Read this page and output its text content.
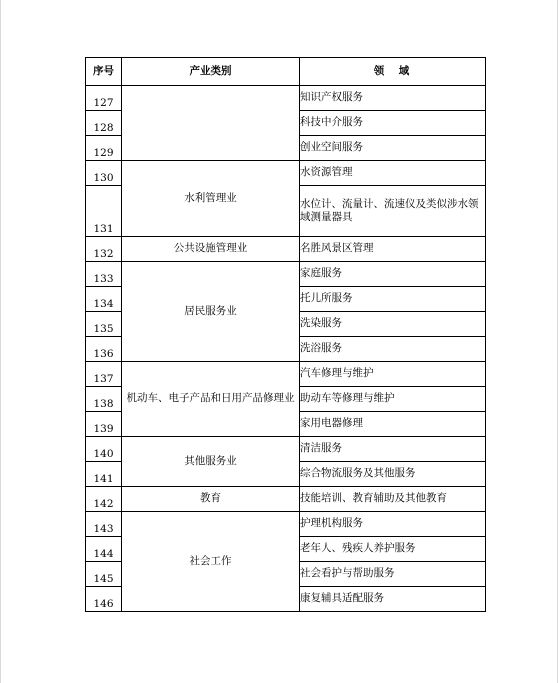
序号	产业类别	领　域
127		知识产权服务
128		科技中介服务
129		创业空间服务
130	水利管理业	水资源管理
131		水位计、流量计、流速仪及类似涉水领域测量器具
132	公共设施管理业	名胜风景区管理
133	居民服务业	家庭服务
134		托儿所服务
135		洗染服务
136		洗浴服务
137	机动车、电子产品和日用产品修理业	汽车修理与维护
138		助动车等修理与维护
139		家用电器修理
140	其他服务业	清洁服务
141		综合物流服务及其他服务
142	教育	技能培训、教育辅助及其他教育
143	社会工作	护理机构服务
144		老年人、残疾人养护服务
145		社会看护与帮助服务
146		康复辅具适配服务
